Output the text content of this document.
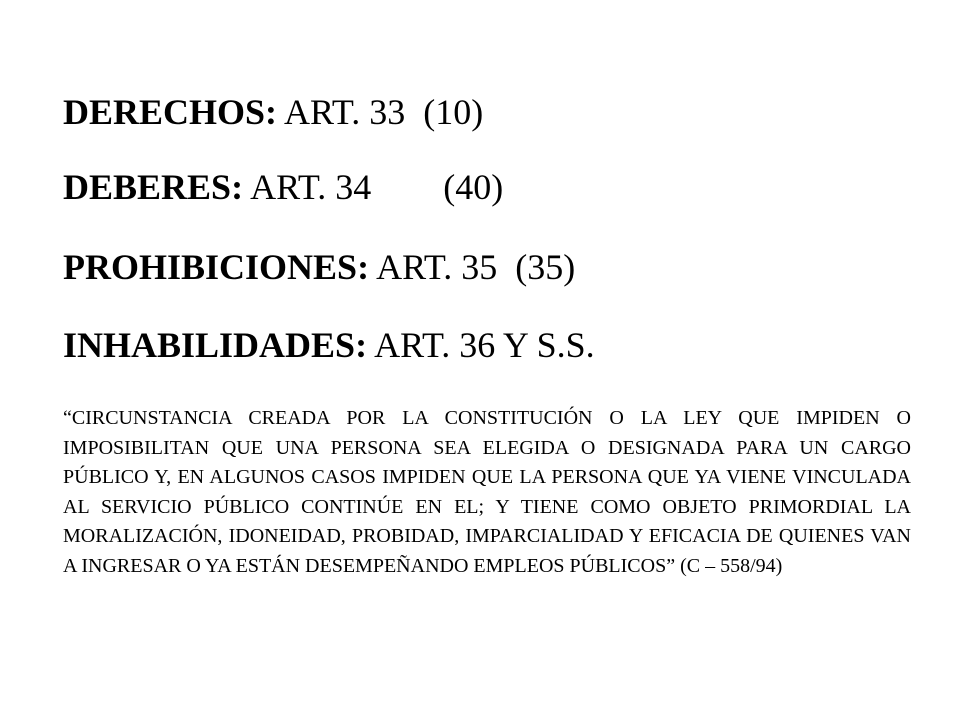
DERECHOS: ART. 33  (10)
DEBERES: ART. 34        (40)
PROHIBICIONES: ART. 35  (35)
INHABILIDADES: ART. 36 Y S.S.

“CIRCUNSTANCIA CREADA POR LA CONSTITUCIÓN O LA LEY QUE IMPIDEN O IMPOSIBILITAN QUE UNA PERSONA SEA ELEGIDA O DESIGNADA PARA UN CARGO PÚBLICO Y, EN ALGUNOS CASOS IMPIDEN QUE LA PERSONA QUE YA VIENE VINCULADA AL SERVICIO PÚBLICO CONTINÚE EN EL; Y TIENE COMO OBJETO PRIMORDIAL LA MORALIZACIÓN, IDONEIDAD, PROBIDAD, IMPARCIALIDAD Y EFICACIA DE QUIENES VAN A INGRESAR O YA ESTÁN DESEMPEÑANDO EMPLEOS PÚBLICOS” (C – 558/94)
